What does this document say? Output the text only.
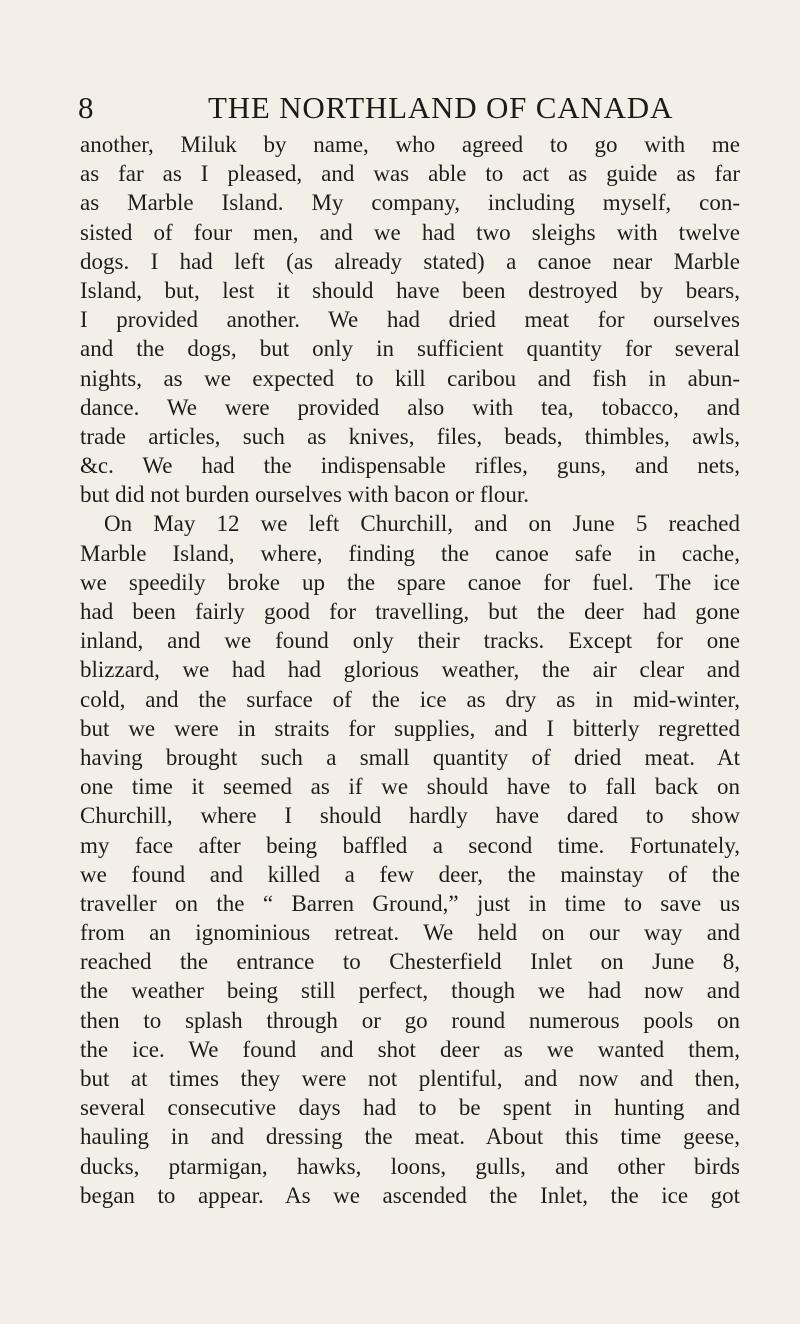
8	THE NORTHLAND OF CANADA
another, Miluk by name, who agreed to go with me
as far as I pleased, and was able to act as guide as far
as Marble Island. My company, including myself, con-
sisted of four men, and we had two sleighs with twelve
dogs. I had left (as already stated) a canoe near Marble
Island, but, lest it should have been destroyed by bears,
I provided another. We had dried meat for ourselves
and the dogs, but only in sufficient quantity for several
nights, as we expected to kill caribou and fish in abun-
dance. We were provided also with tea, tobacco, and
trade articles, such as knives, files, beads, thimbles, awls,
&c. We had the indispensable rifles, guns, and nets,
but did not burden ourselves with bacon or flour.
On May 12 we left Churchill, and on June 5 reached
Marble Island, where, finding the canoe safe in cache,
we speedily broke up the spare canoe for fuel. The ice
had been fairly good for travelling, but the deer had gone
inland, and we found only their tracks. Except for one
blizzard, we had had glorious weather, the air clear and
cold, and the surface of the ice as dry as in mid-winter,
but we were in straits for supplies, and I bitterly regretted
having brought such a small quantity of dried meat. At
one time it seemed as if we should have to fall back on
Churchill, where I should hardly have dared to show
my face after being baffled a second time. Fortunately,
we found and killed a few deer, the mainstay of the
traveller on the “ Barren Ground,” just in time to save us
from an ignominious retreat. We held on our way and
reached the entrance to Chesterfield Inlet on June 8,
the weather being still perfect, though we had now and
then to splash through or go round numerous pools on
the ice. We found and shot deer as we wanted them,
but at times they were not plentiful, and now and then,
several consecutive days had to be spent in hunting and
hauling in and dressing the meat. About this time geese,
ducks, ptarmigan, hawks, loons, gulls, and other birds
began to appear. As we ascended the Inlet, the ice got
